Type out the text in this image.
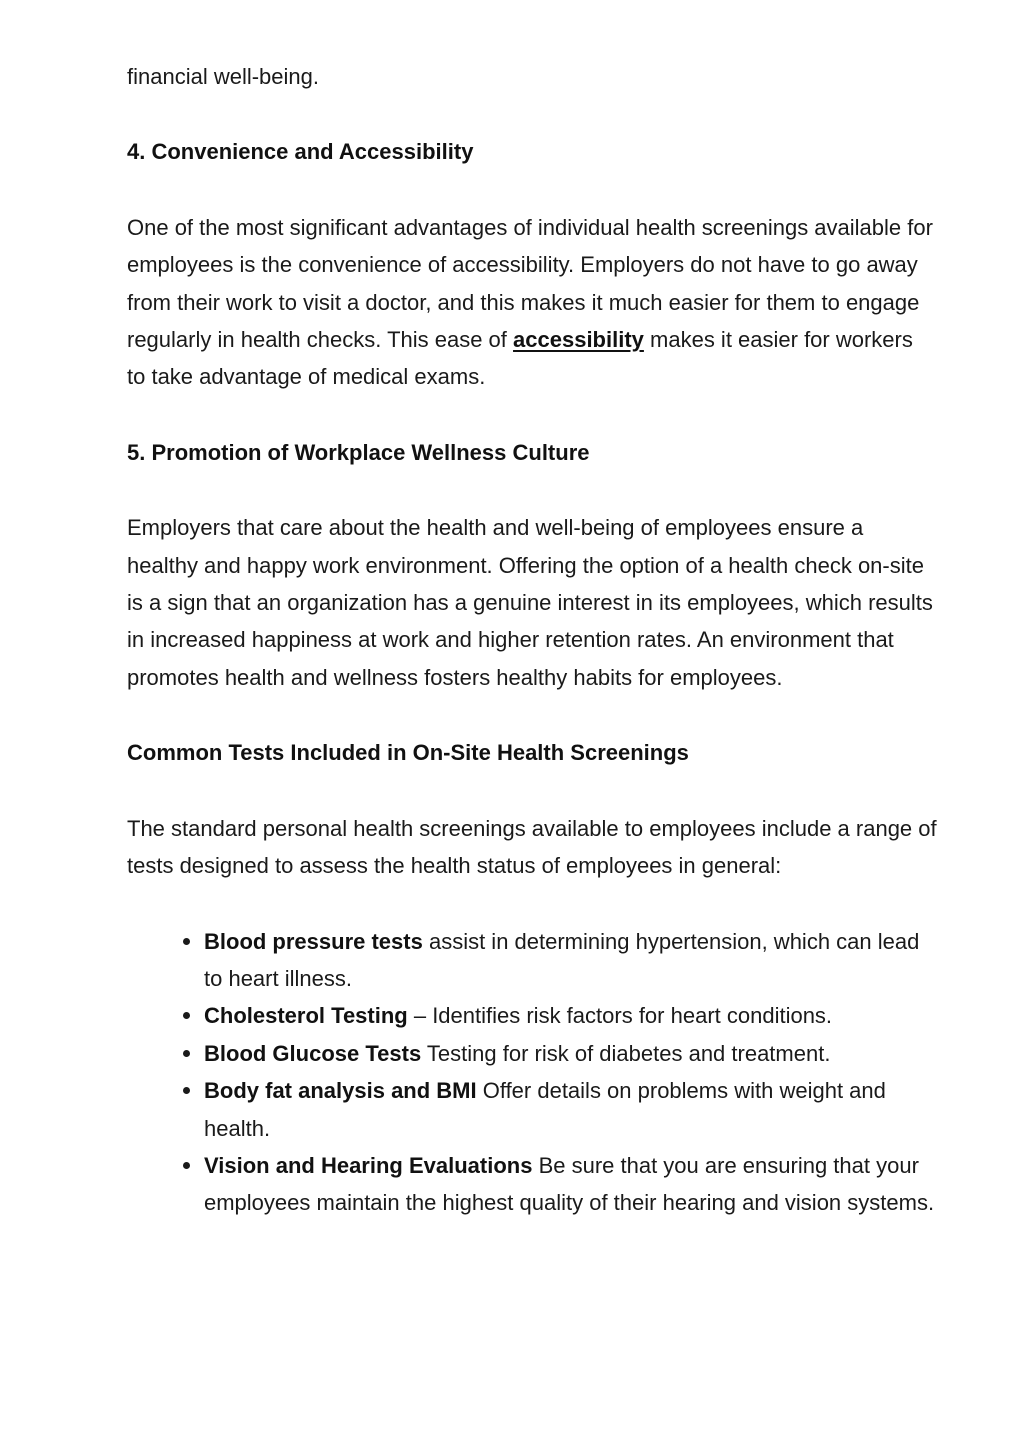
financial well-being.

4. Convenience and Accessibility

One of the most significant advantages of individual health screenings available for employees is the convenience of accessibility. Employers do not have to go away from their work to visit a doctor, and this makes it much easier for them to engage regularly in health checks. This ease of accessibility makes it easier for workers to take advantage of medical exams.

5. Promotion of Workplace Wellness Culture

Employers that care about the health and well-being of employees ensure a healthy and happy work environment. Offering the option of a health check on-site is a sign that an organization has a genuine interest in its employees, which results in increased happiness at work and higher retention rates. An environment that promotes health and wellness fosters healthy habits for employees.

Common Tests Included in On-Site Health Screenings

The standard personal health screenings available to employees include a range of tests designed to assess the health status of employees in general:

Blood pressure tests assist in determining hypertension, which can lead to heart illness.
Cholesterol Testing – Identifies risk factors for heart conditions.
Blood Glucose Tests Testing for risk of diabetes and treatment.
Body fat analysis and BMI Offer details on problems with weight and health.
Vision and Hearing Evaluations Be sure that you are ensuring that your employees maintain the highest quality of their hearing and vision systems.
